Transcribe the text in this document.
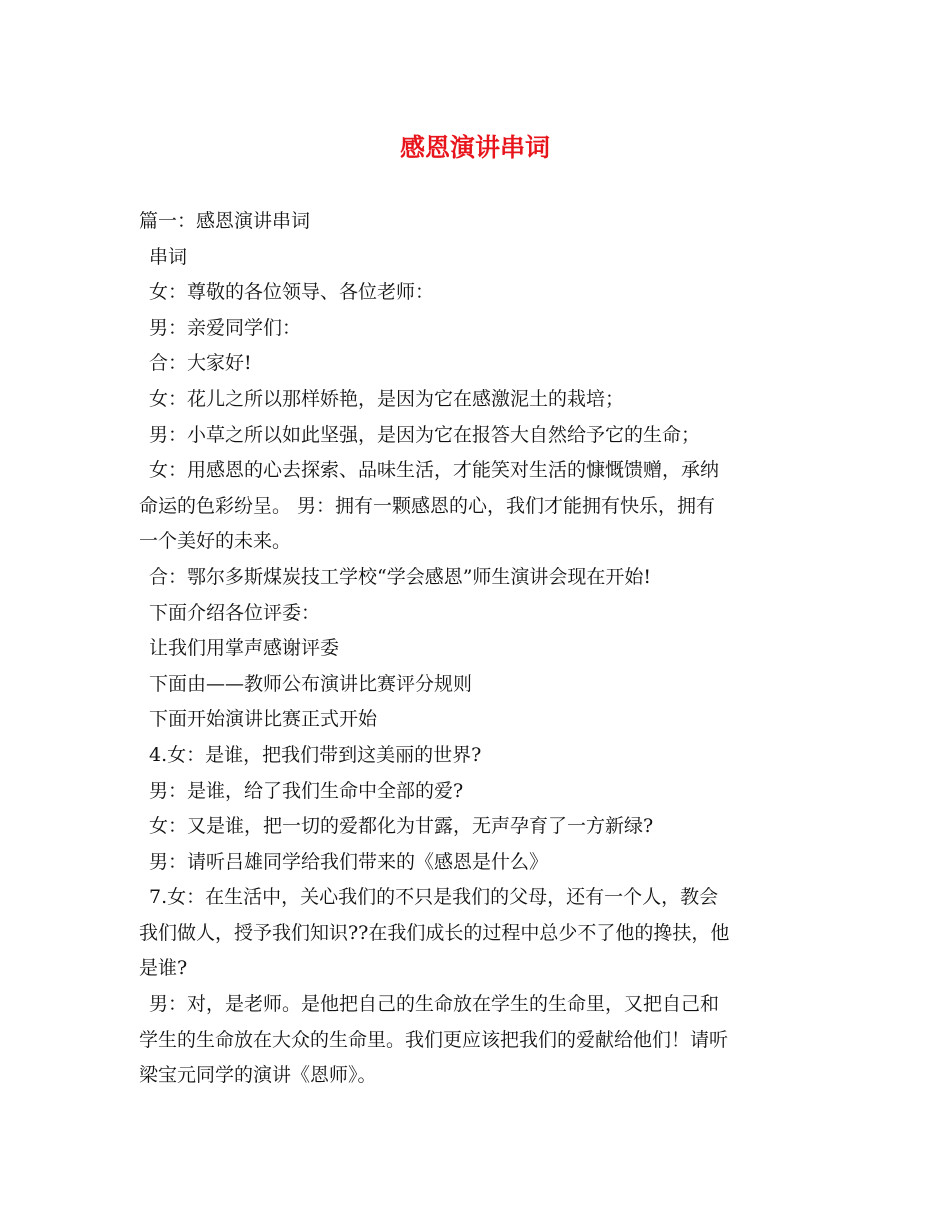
感恩演讲串词
篇一：感恩演讲串词
串词
女：尊敬的各位领导、各位老师：
男：亲爱同学们：
合：大家好!
女：花儿之所以那样娇艳，是因为它在感激泥土的栽培；
男：小草之所以如此坚强，是因为它在报答大自然给予它的生命；
女：用感恩的心去探索、品味生活，才能笑对生活的慷慨馈赠，承纳
命运的色彩纷呈。 男：拥有一颗感恩的心，我们才能拥有快乐，拥有
一个美好的未来。
合：鄂尔多斯煤炭技工学校“学会感恩”师生演讲会现在开始!
下面介绍各位评委：
让我们用掌声感谢评委
下面由——教师公布演讲比赛评分规则
下面开始演讲比赛正式开始
4.女：是谁，把我们带到这美丽的世界?
男：是谁，给了我们生命中全部的爱?
女：又是谁，把一切的爱都化为甘露，无声孕育了一方新绿?
男：请听吕雄同学给我们带来的《感恩是什么》
7.女：在生活中，关心我们的不只是我们的父母，还有一个人，教会
我们做人，授予我们知识??在我们成长的过程中总少不了他的搀扶，他
是谁?
男：对，是老师。是他把自己的生命放在学生的生命里，又把自己和
学生的生命放在大众的生命里。我们更应该把我们的爱献给他们！请听
梁宝元同学的演讲《恩师》。
